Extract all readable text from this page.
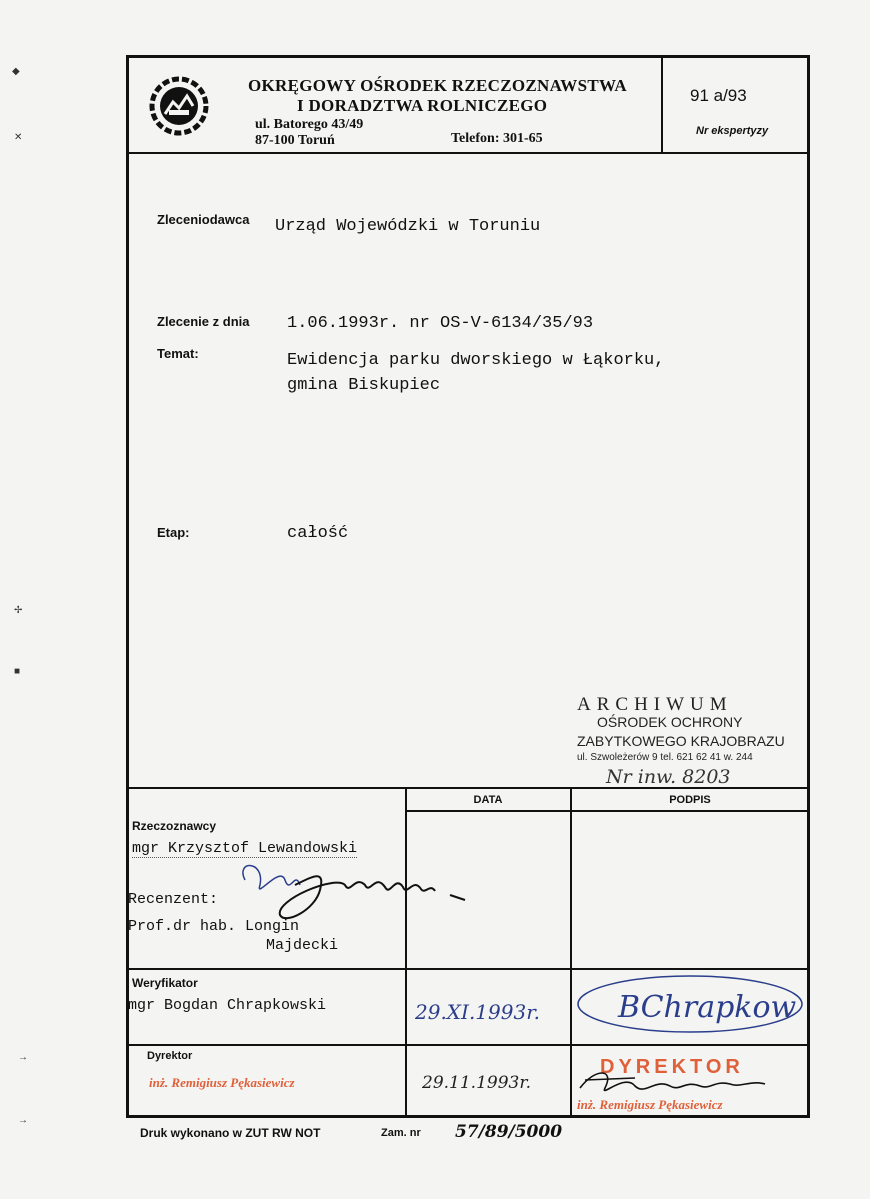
◆
✕
✢
■
→
→
OKRĘGOWY OŚRODEK RZECZOZNAWSTWA
I DORADZTWA ROLNICZEGO
ul. Batorego 43/49
87-100 Toruń	Telefon: 301-65
91 a/93
Nr ekspertyzy
Zleceniodawca Urząd Wojewódzki w Toruniu
Zlecenie z dnia 1.06.1993r. nr OS-V-6134/35/93
Temat:	Ewidencja parku dworskiego w Łąkorku,
gmina Biskupiec
Etap:	całość
ARCHIWUM
OŚRODEK OCHRONY
ZABYTKOWEGO KRAJOBRAZU
ul. Szwoleżerów 9 tel. 621 62 41 w. 244
Nr inw. 8203
DATA	PODPIS
Rzeczoznawcy
mgr Krzysztof Lewandowski
Recenzent:
Prof.dr hab. Longin
Majdecki
Weryfikator
mgr Bogdan Chrapkowski	29.XI.1993r.	BChrapkow
Dyrektor
inż. Remigiusz Pękasiewicz	29.11.1993r.
DYREKTOR
inż. Remigiusz Pękasiewicz
Druk wykonano w ZUT RW NOT	Zam. nr 57/89/5000
